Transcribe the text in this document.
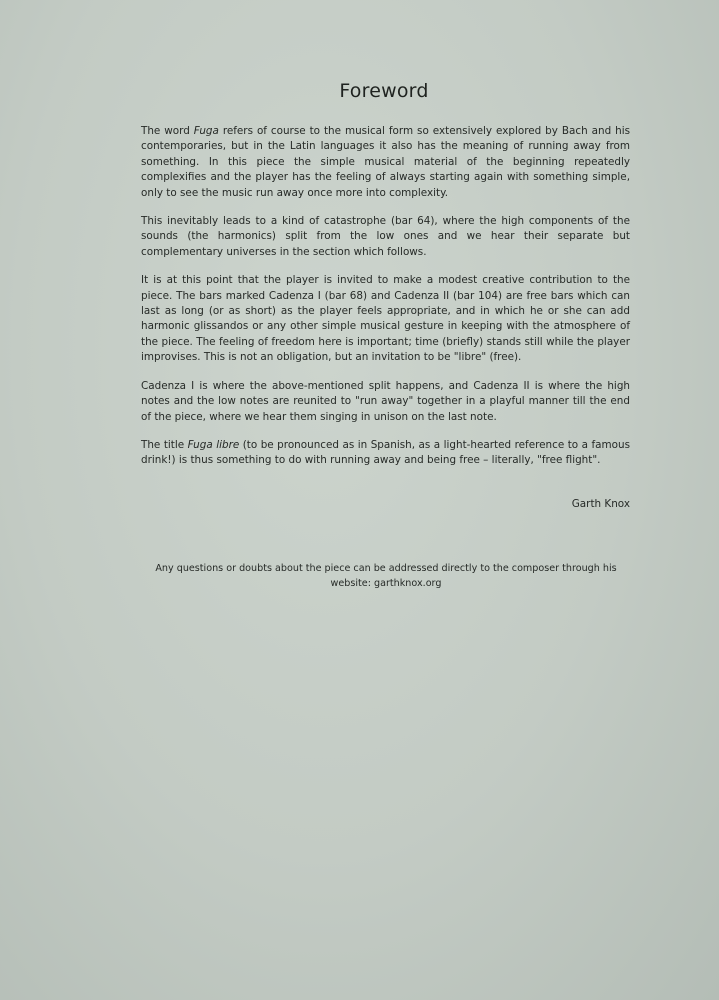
Foreword

The word Fuga refers of course to the musical form so extensively explored by Bach and his contemporaries, but in the Latin languages it also has the meaning of running away from something. In this piece the simple musical material of the beginning repeatedly complexifies and the player has the feeling of always starting again with something simple, only to see the music run away once more into complexity.

This inevitably leads to a kind of catastrophe (bar 64), where the high components of the sounds (the harmonics) split from the low ones and we hear their separate but complementary universes in the section which follows.

It is at this point that the player is invited to make a modest creative contribution to the piece. The bars marked Cadenza I (bar 68) and Cadenza II (bar 104) are free bars which can last as long (or as short) as the player feels appropriate, and in which he or she can add harmonic glissandos or any other simple musical gesture in keeping with the atmosphere of the piece. The feeling of freedom here is important; time (briefly) stands still while the player improvises. This is not an obligation, but an invitation to be "libre" (free).

Cadenza I is where the above-mentioned split happens, and Cadenza II is where the high notes and the low notes are reunited to "run away" together in a playful manner till the end of the piece, where we hear them singing in unison on the last note.

The title Fuga libre (to be pronounced as in Spanish, as a light-hearted reference to a famous drink!) is thus something to do with running away and being free – literally, "free flight".

Garth Knox
Any questions or doubts about the piece can be addressed directly to the composer through his
website: garthknox.org
